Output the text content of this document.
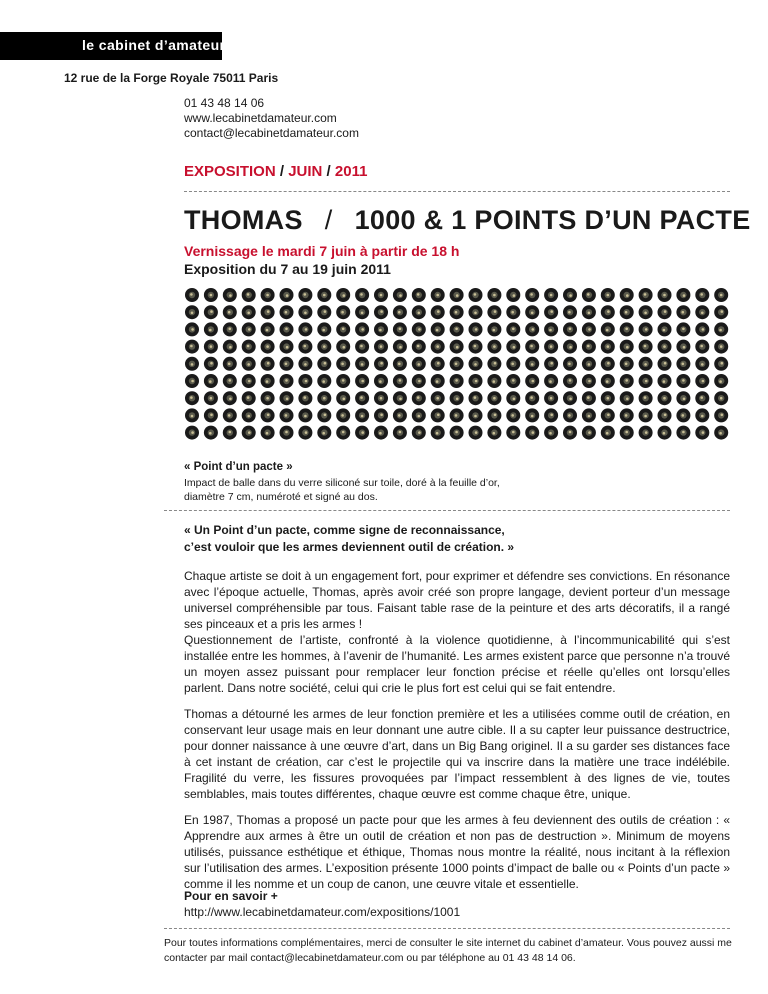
le cabinet d’amateur
12 rue de la Forge Royale 75011 Paris
01 43 48 14 06
www.lecabinetdamateur.com
contact@lecabinetdamateur.com
EXPOSITION / JUIN / 2011
THOMAS / 1000 & 1 POINTS D’UN PACTE
Vernissage le mardi 7 juin à partir de 18 h
Exposition du 7 au 19 juin 2011
« Point d’un pacte »
Impact de balle dans du verre siliconé sur toile, doré à la feuille d’or,
diamètre 7 cm, numéroté et signé au dos.
« Un Point d’un pacte, comme signe de reconnaissance,
c’est vouloir que les armes deviennent outil de création. »

Chaque artiste se doit à un engagement fort, pour exprimer et défendre ses convictions. En résonance avec l’époque actuelle, Thomas, après avoir créé son propre langage, devient porteur d’un message universel compréhensible par tous. Faisant table rase de la peinture et des arts décoratifs, il a rangé ses pinceaux et a pris les armes !

Questionnement de l’artiste, confronté à la violence quotidienne, à l’incommunicabilité qui s’est installée entre les hommes, à l’avenir de l’humanité. Les armes existent parce que personne n’a trouvé un moyen assez puissant pour remplacer leur fonction précise et réelle qu’elles ont lorsqu’elles parlent. Dans notre société, celui qui crie le plus fort est celui qui se fait entendre.

Thomas a détourné les armes de leur fonction première et les a utilisées comme outil de création, en conservant leur usage mais en leur donnant une autre cible. Il a su capter leur puissance destructrice, pour donner naissance à une œuvre d’art, dans un Big Bang originel. Il a su garder ses distances face à cet instant de création, car c’est le projectile qui va inscrire dans la matière une trace indélébile. Fragilité du verre, les fissures provoquées par l’impact ressemblent à des lignes de vie, toutes semblables, mais toutes différentes, chaque œuvre est comme chaque être, unique.

En 1987, Thomas a proposé un pacte pour que les armes à feu deviennent des outils de création : « Apprendre aux armes à être un outil de création et non pas de destruction ». Minimum de moyens utilisés, puissance esthétique et éthique, Thomas nous montre la réalité, nous incitant à la réflexion sur l’utilisation des armes. L’exposition présente 1000 points d’impact de balle ou « Points d’un pacte » comme il les nomme et un coup de canon, une œuvre vitale et essentielle.

Pour en savoir +
http://www.lecabinetdamateur.com/expositions/1001
Pour toutes informations complémentaires, merci de consulter le site internet du cabinet d’amateur. Vous pouvez aussi me
contacter par mail contact@lecabinetdamateur.com ou par téléphone au 01 43 48 14 06.
